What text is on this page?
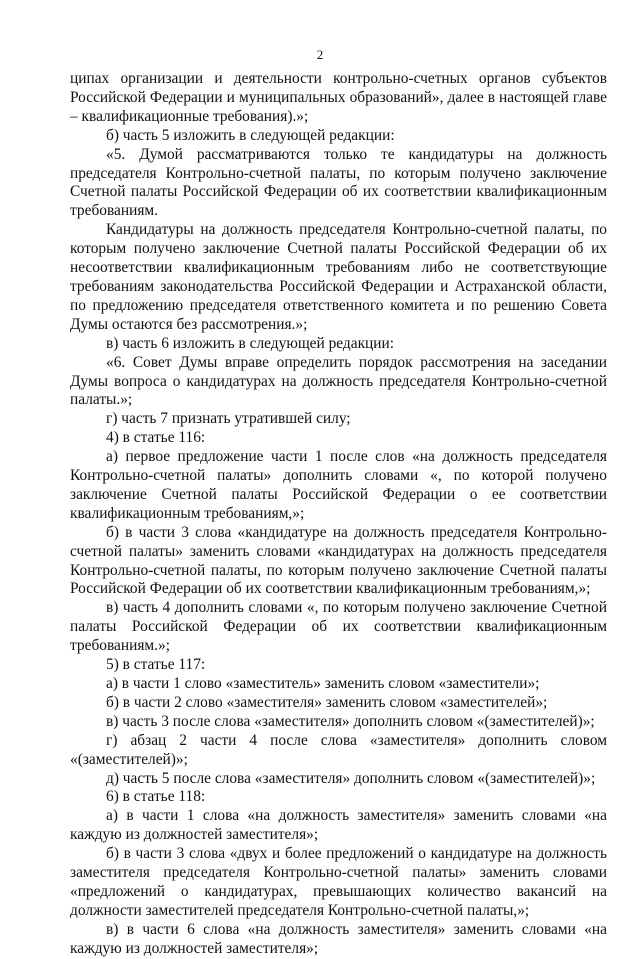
2

ципах организации и деятельности контрольно-счетных органов субъектов Российской Федерации и муниципальных образований», далее в настоящей главе – квалификационные требования).»;

б) часть 5 изложить в следующей редакции:

«5. Думой рассматриваются только те кандидатуры на должность председателя Контрольно-счетной палаты, по которым получено заключение Счетной палаты Российской Федерации об их соответствии квалификационным требованиям.

Кандидатуры на должность председателя Контрольно-счетной палаты, по которым получено заключение Счетной палаты Российской Федерации об их несоответствии квалификационным требованиям либо не соответствующие требованиям законодательства Российской Федерации и Астраханской области, по предложению председателя ответственного комитета и по решению Совета Думы остаются без рассмотрения.»;

в) часть 6 изложить в следующей редакции:

«6. Совет Думы вправе определить порядок рассмотрения на заседании Думы вопроса о кандидатурах на должность председателя Контрольно-счетной палаты.»;

г) часть 7 признать утратившей силу;

4) в статье 116:

а) первое предложение части 1 после слов «на должность председателя Контрольно-счетной палаты» дополнить словами «, по которой получено заключение Счетной палаты Российской Федерации о ее соответствии квалификационным требованиям,»;

б) в части 3 слова «кандидатуре на должность председателя Контрольно-счетной палаты» заменить словами «кандидатурах на должность председателя Контрольно-счетной палаты, по которым получено заключение Счетной палаты Российской Федерации об их соответствии квалификационным требованиям,»;

в) часть 4 дополнить словами «, по которым получено заключение Счетной палаты Российской Федерации об их соответствии квалификационным требованиям.»;

5) в статье 117:

а) в части 1 слово «заместитель» заменить словом «заместители»;

б) в части 2 слово «заместителя» заменить словом «заместителей»;

в) часть 3 после слова «заместителя» дополнить словом «(заместителей)»;

г) абзац 2 части 4 после слова «заместителя» дополнить словом «(заместителей)»;

д) часть 5 после слова «заместителя» дополнить словом «(заместителей)»;

6) в статье 118:

а) в части 1 слова «на должность заместителя» заменить словами «на каждую из должностей заместителя»;

б) в части 3 слова «двух и более предложений о кандидатуре на должность заместителя председателя Контрольно-счетной палаты» заменить словами «предложений о кандидатурах, превышающих количество вакансий на должности заместителей председателя Контрольно-счетной палаты,»;

в) в части 6 слова «на должность заместителя» заменить словами «на каждую из должностей заместителя»;
